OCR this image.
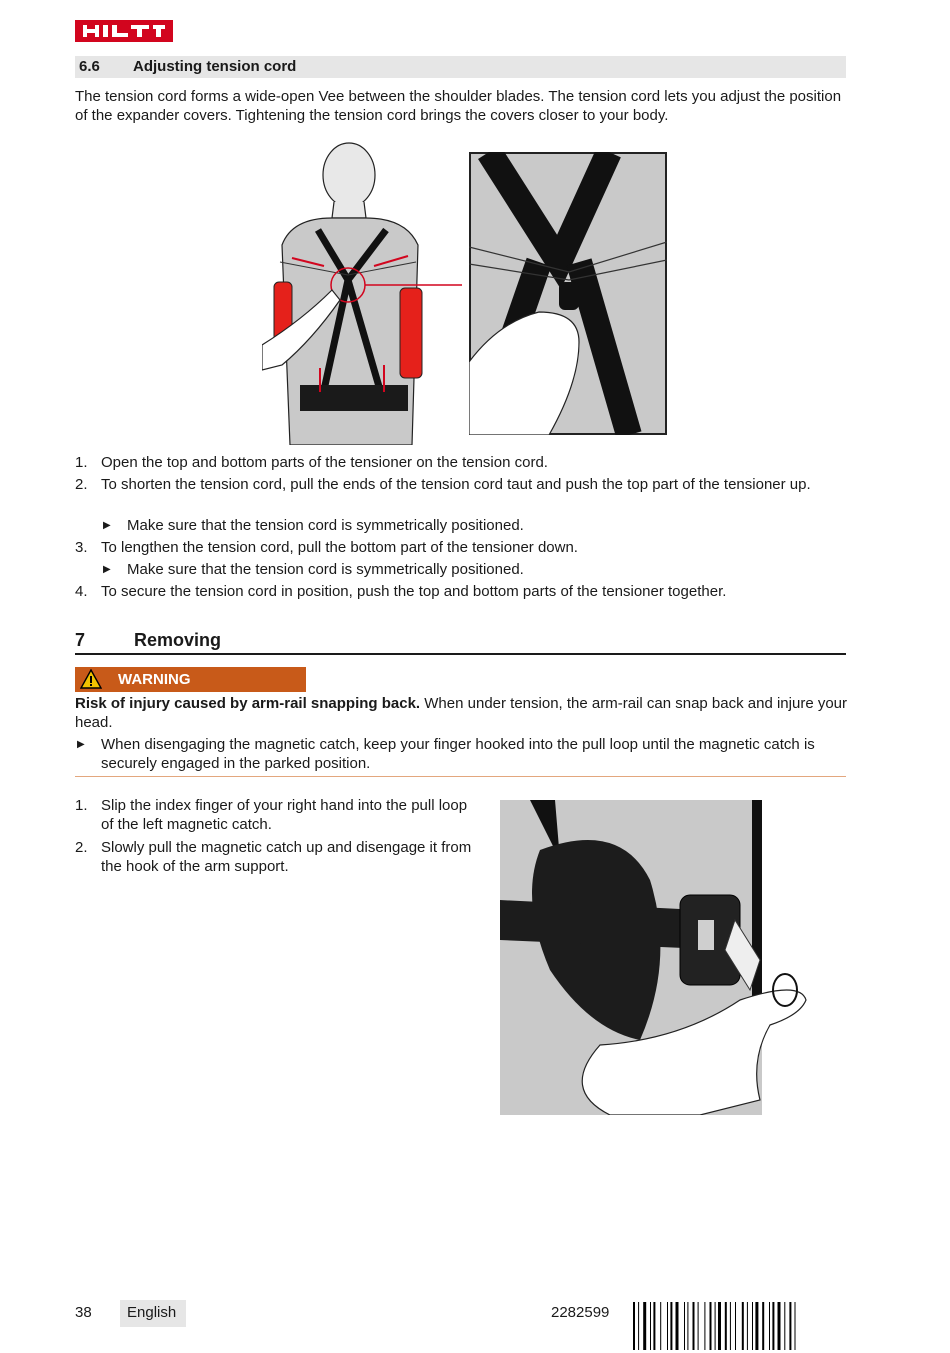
6.6 Adjusting tension cord
The tension cord forms a wide-open Vee between the shoulder blades. The tension cord lets you adjust the position of the expander covers. Tightening the tension cord brings the covers closer to your body.
1. Open the top and bottom parts of the tensioner on the tension cord.
2. To shorten the tension cord, pull the ends of the tension cord taut and push the top part of the tensioner up.
▶ Make sure that the tension cord is symmetrically positioned.
3. To lengthen the tension cord, pull the bottom part of the tensioner down.
▶ Make sure that the tension cord is symmetrically positioned.
4. To secure the tension cord in position, push the top and bottom parts of the tensioner together.
7	Removing
WARNING
Risk of injury caused by arm-rail snapping back. When under tension, the arm-rail can snap back and injure your head.
▶ When disengaging the magnetic catch, keep your finger hooked into the pull loop until the magnetic catch is securely engaged in the parked position.
1. Slip the index finger of your right hand into the pull loop of the left magnetic catch.
2. Slowly pull the magnetic catch up and disengage it from the hook of the arm support.
38 English	2282599
